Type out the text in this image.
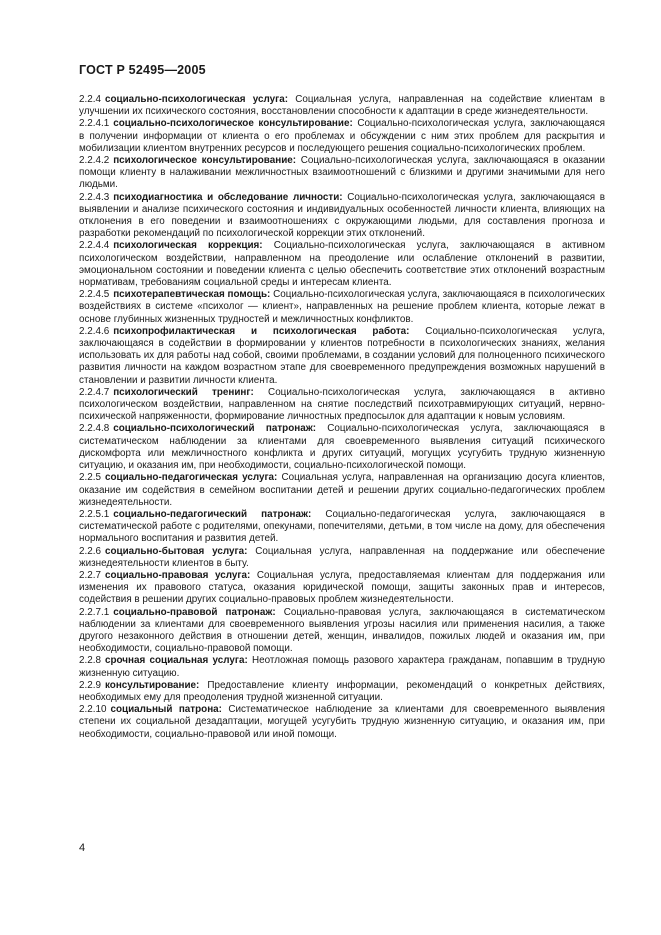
ГОСТ Р 52495—2005

2.2.4 социально-психологическая услуга: Социальная услуга, направленная на содействие клиентам в улучшении их психического состояния, восстановлении способности к адаптации в среде жизнедеятельности.

2.2.4.1 социально-психологическое консультирование: Социально-психологическая услуга, заключающаяся в получении информации от клиента о его проблемах и обсуждении с ним этих проблем для раскрытия и мобилизации клиентом внутренних ресурсов и последующего решения социально-психологических проблем.

2.2.4.2 психологическое консультирование: Социально-психологическая услуга, заключающаяся в оказании помощи клиенту в налаживании межличностных взаимоотношений с близкими и другими значимыми для него людьми.

2.2.4.3 психодиагностика и обследование личности: Социально-психологическая услуга, заключающаяся в выявлении и анализе психического состояния и индивидуальных особенностей личности клиента, влияющих на отклонения в его поведении и взаимоотношениях с окружающими людьми, для составления прогноза и разработки рекомендаций по психологической коррекции этих отклонений.

2.2.4.4 психологическая коррекция: Социально-психологическая услуга, заключающаяся в активном психологическом воздействии, направленном на преодоление или ослабление отклонений в развитии, эмоциональном состоянии и поведении клиента с целью обеспечить соответствие этих отклонений возрастным нормативам, требованиям социальной среды и интересам клиента.

2.2.4.5 психотерапевтическая помощь: Социально-психологическая услуга, заключающаяся в психологических воздействиях в системе «психолог — клиент», направленных на решение проблем клиента, которые лежат в основе глубинных жизненных трудностей и межличностных конфликтов.

2.2.4.6 психопрофилактическая и психологическая работа: Социально-психологическая услуга, заключающаяся в содействии в формировании у клиентов потребности в психологических знаниях, желания использовать их для работы над собой, своими проблемами, в создании условий для полноценного психического развития личности на каждом возрастном этапе для своевременного предупреждения возможных нарушений в становлении и развитии личности клиента.

2.2.4.7 психологический тренинг: Социально-психологическая услуга, заключающаяся в активно психологическом воздействии, направленном на снятие последствий психотравмирующих ситуаций, нервно-психической напряженности, формирование личностных предпосылок для адаптации к новым условиям.

2.2.4.8 социально-психологический патронаж: Социально-психологическая услуга, заключающаяся в систематическом наблюдении за клиентами для своевременного выявления ситуаций психического дискомфорта или межличностного конфликта и других ситуаций, могущих усугубить трудную жизненную ситуацию, и оказания им, при необходимости, социально-психологической помощи.

2.2.5 социально-педагогическая услуга: Социальная услуга, направленная на организацию досуга клиентов, оказание им содействия в семейном воспитании детей и решении других социально-педагогических проблем жизнедеятельности.

2.2.5.1 социально-педагогический патронаж: Социально-педагогическая услуга, заключающаяся в систематической работе с родителями, опекунами, попечителями, детьми, в том числе на дому, для обеспечения нормального воспитания и развития детей.

2.2.6 социально-бытовая услуга: Социальная услуга, направленная на поддержание или обеспечение жизнедеятельности клиентов в быту.

2.2.7 социально-правовая услуга: Социальная услуга, предоставляемая клиентам для поддержания или изменения их правового статуса, оказания юридической помощи, защиты законных прав и интересов, содействия в решении других социально-правовых проблем жизнедеятельности.

2.2.7.1 социально-правовой патронаж: Социально-правовая услуга, заключающаяся в систематическом наблюдении за клиентами для своевременного выявления угрозы насилия или применения насилия, а также другого незаконного действия в отношении детей, женщин, инвалидов, пожилых людей и оказания им, при необходимости, социально-правовой помощи.

2.2.8 срочная социальная услуга: Неотложная помощь разового характера гражданам, попавшим в трудную жизненную ситуацию.

2.2.9 консультирование: Предоставление клиенту информации, рекомендаций о конкретных действиях, необходимых ему для преодоления трудной жизненной ситуации.

2.2.10 социальный патрона: Систематическое наблюдение за клиентами для своевременного выявления степени их социальной дезадаптации, могущей усугубить трудную жизненную ситуацию, и оказания им, при необходимости, социально-правовой или иной помощи.

4
